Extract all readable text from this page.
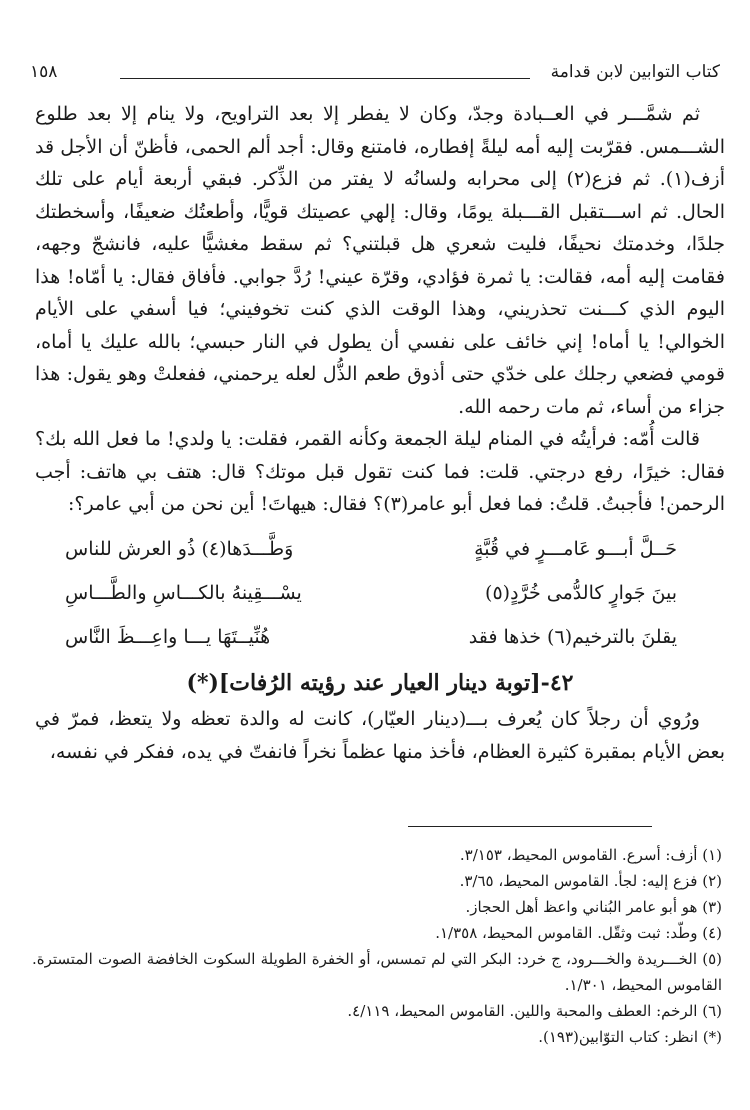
كتاب التوابين لابن قدامة
١٥٨

ثم شمَّـــر في العــبادة وجدّ، وكان لا يفطر إلا بعد التراويح، ولا ينام إلا بعد طلوع الشـــمس. فقرّبت إليه أمه ليلةً إفطاره، فامتنع وقال: أجد ألم الحمى، فأظنّ أن الأجل قد أزف(١). ثم فزع(٢) إلى محرابه ولسانُه لا يفتر من الذِّكر. فبقي أربعة أيام على تلك الحال. ثم اســـتقبل القـــبلة يومًا، وقال: إلهي عصيتك قويًّا، وأطعتُك ضعيفًا، وأسخطتك جلدًا، وخدمتك نحيفًا، فليت شعري هل قبلتني؟ ثم سقط مغشيًّا عليه، فانشجّ وجهه، فقامت إليه أمه، فقالت: يا ثمرة فؤادي، وقرّة عيني! رُدَّ جوابي. فأفاق فقال: يا أمّاه! هذا اليوم الذي كـــنت تحذريني، وهذا الوقت الذي كنت تخوفيني؛ فيا أسفي على الأيام الخوالي! يا أماه! إني خائف على نفسي أن يطول في النار حبسي؛ بالله عليك يا أماه، قومي فضعي رجلك على خدّي حتى أذوق طعم الذُّل لعله يرحمني، ففعلتْ وهو يقول: هذا جزاء من أساء، ثم مات رحمه الله.

قالت أُمّه: فرأيتُه في المنام ليلة الجمعة وكأنه القمر، فقلت: يا ولدي! ما فعل الله بك؟ فقال: خيرًا، رفع درجتي. قلت: فما كنت تقول قبل موتك؟ قال: هتف بي هاتف: أجب الرحمن! فأجبتُ. قلتُ: فما فعل أبو عامر(٣)؟ فقال: هيهاتَ! أين نحن من أبي عامر؟:

حَــلَّ أبـــو عَامـــرٍ في قُبَّةٍ
وَطَّـــدَها(٤) ذُو العرش للناس
بينَ جَوارٍ كالدُّمى خُرَّدٍ(٥)
يسْـــقِينهُ بالكـــاسِ والطَّـــاسِ
يقلنَ بالترخيم(٦) خذها فقد
هُنِّيــتَهَا يـــا واعِـــظَ النَّاس
٤٢-[توبة دينار العيار عند رؤيته الرُفات](*)

ورُوي أن رجلاً كان يُعرف بـــ(دينار العيّار)، كانت له والدة تعظه ولا يتعظ، فمرّ في بعض الأيام بمقبرة كثيرة العظام، فأخذ منها عظماً نخراً فانفتّ في يده، ففكر في نفسه،

(١) أزف: أسرع. القاموس المحيط، ٣/١٥٣.

(٢) فزع إليه: لجأ. القاموس المحيط، ٣/٦٥.

(٣) هو أبو عامر البُناني واعظ أهل الحجاز.

(٤) وطّد: ثبت وثقّل. القاموس المحيط، ١/٣٥٨.

(٥) الخـــريدة والخـــرود، ج خرد: البكر التي لم تمسس، أو الخفرة الطويلة السكوت الخافضة الصوت المتسترة. القاموس المحيط، ١/٣٠١.

(٦) الرخم: العطف والمحبة واللين. القاموس المحيط، ٤/١١٩.

(*) انظر: كتاب التوّابين(١٩٣).
